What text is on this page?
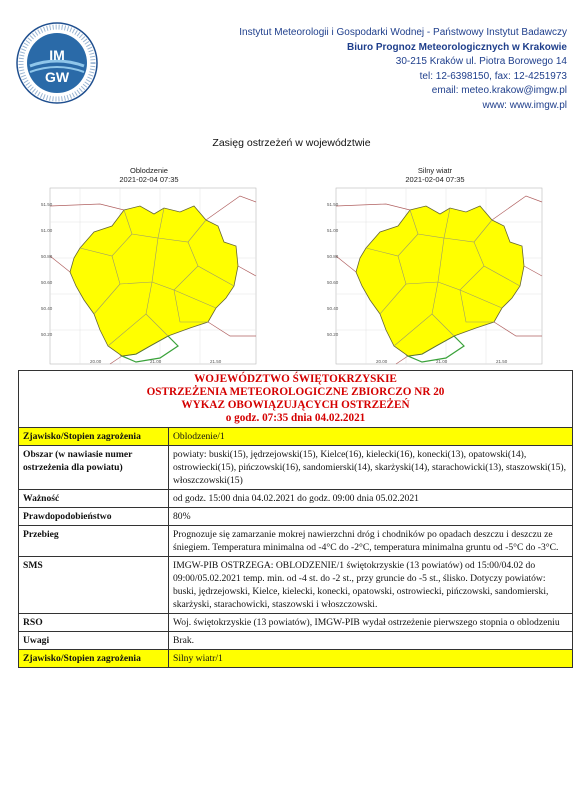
IM
GW
Instytut Meteorologii i Gospodarki Wodnej - Państwowy Instytut Badawczy
Biuro Prognoz Meteorologicznych w Krakowie
30-215 Kraków ul. Piotra Borowego 14
tel: 12-6398150, fax: 12-4251973
email: meteo.krakow@imgw.pl
www: www.imgw.pl
Zasięg ostrzeżeń w województwie
Oblodzenie
2021-02-04 07:35
51.50
51.00
50.80
50.60
50.40
50.20
20.00	21.00	21.50
Silny wiatr
2021-02-04 07:35
51.50
51.00
50.80
50.60
50.40
50.20
20.00	21.00	21.50
WOJEWÓDZTWO ŚWIĘTOKRZYSKIE
OSTRZEŻENIA METEOROLOGICZNE ZBIORCZO NR 20
WYKAZ OBOWIĄZUJĄCYCH OSTRZEŻEŃ
o godz. 07:35 dnia 04.02.2021	

Zjawisko/Stopien zagrożenia	Oblodzenie/1
Obszar (w nawiasie numer ostrzeżenia dla powiatu)	powiaty: buski(15), jędrzejowski(15), Kielce(16), kielecki(16), konecki(13), opatowski(14), ostrowiecki(15), pińczowski(16), sandomierski(14), skarżyski(14), starachowicki(13), staszowski(15), włoszczowski(15)
Ważność	od godz. 15:00 dnia 04.02.2021 do godz. 09:00 dnia 05.02.2021
Prawdopodobieństwo	80%
Przebieg	Prognozuje się zamarzanie mokrej nawierzchni dróg i chodników po opadach deszczu i deszczu ze śniegiem. Temperatura minimalna od -4°C do -2°C, temperatura minimalna gruntu od -5°C do -3°C.
SMS	IMGW-PIB OSTRZEGA: OBLODZENIE/1 świętokrzyskie (13 powiatów) od 15:00/04.02 do 09:00/05.02.2021 temp. min. od -4 st. do -2 st., przy gruncie do -5 st., ślisko. Dotyczy powiatów: buski, jędrzejowski, Kielce, kielecki, konecki, opatowski, ostrowiecki, pińczowski, sandomierski, skarżyski, starachowicki, staszowski i włoszczowski.
RSO	Woj. świętokrzyskie (13 powiatów), IMGW-PIB wydał ostrzeżenie pierwszego stopnia o oblodzeniu
Uwagi	Brak.
Zjawisko/Stopien zagrożenia	Silny wiatr/1
